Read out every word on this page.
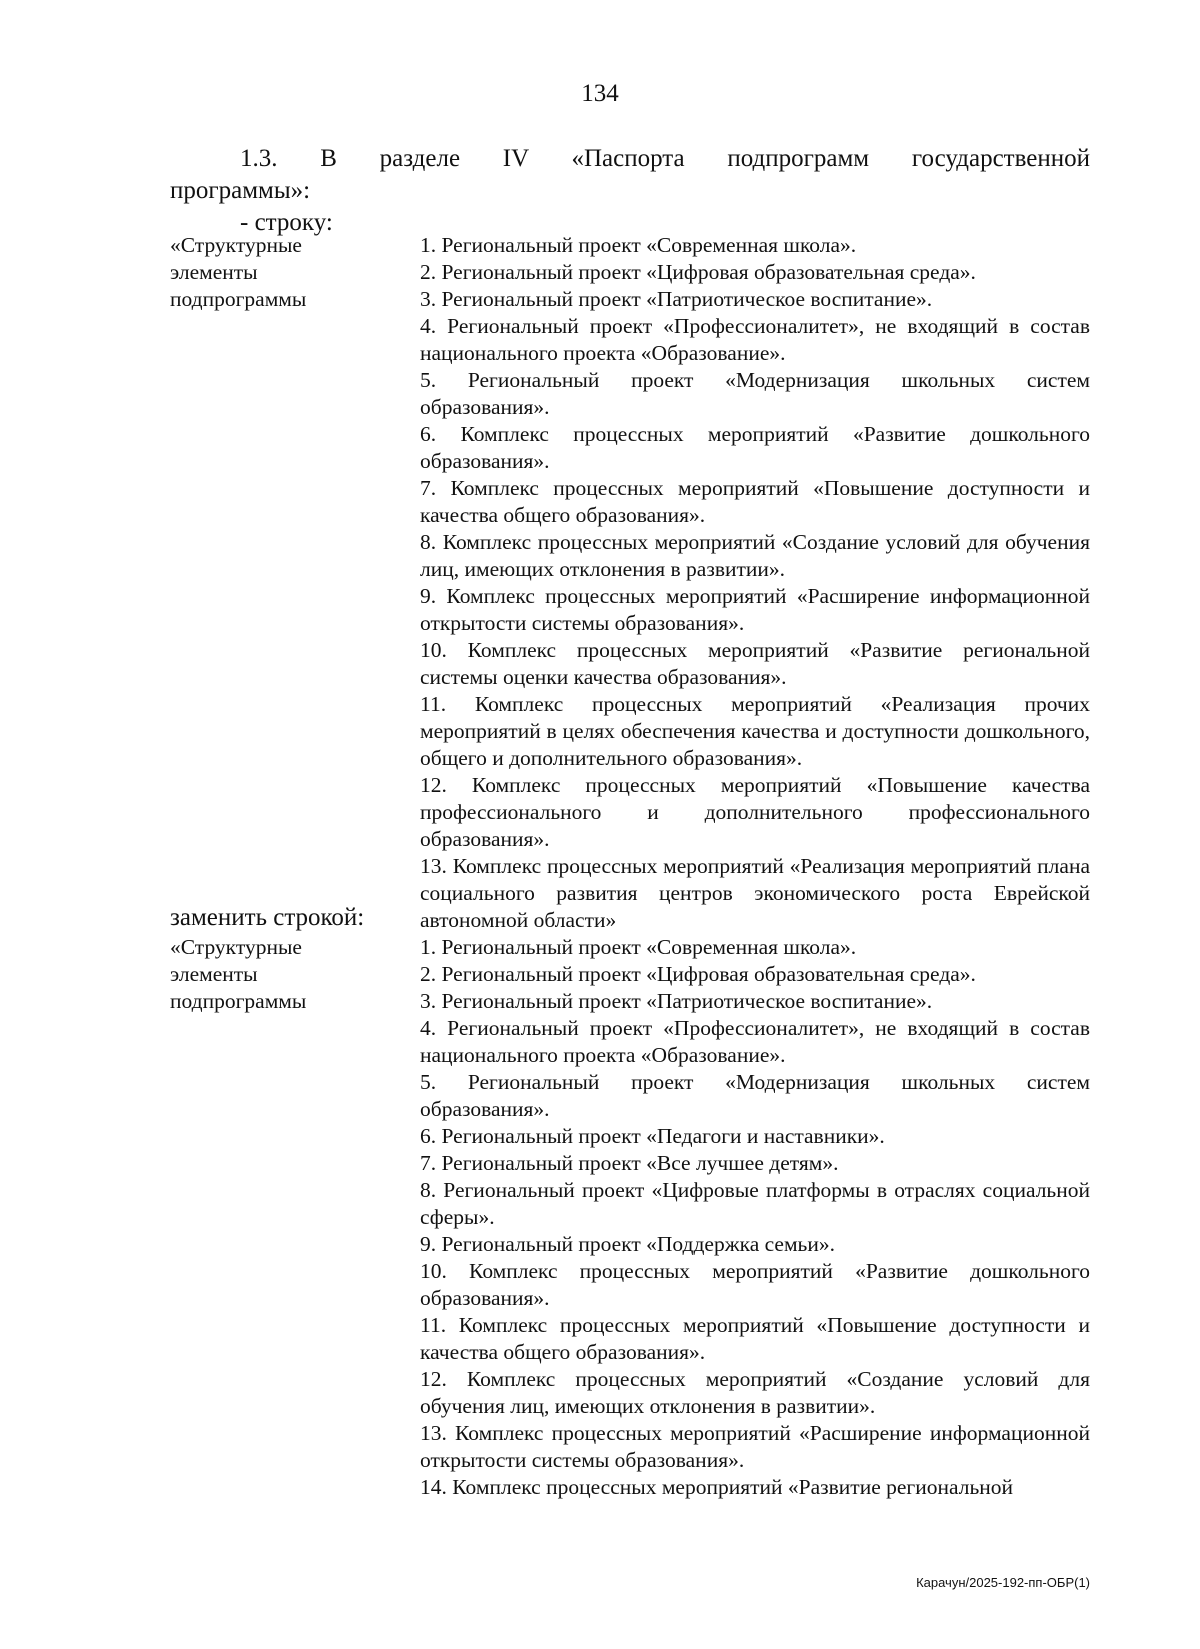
134
1.3. В разделе IV «Паспорта подпрограмм государственной
программы»:
- строку:
«Структурные
элементы
подпрограммы
1. Региональный проект «Современная школа».
2. Региональный проект «Цифровая образовательная среда».
3. Региональный проект «Патриотическое воспитание».
4. Региональный проект «Профессионалитет», не входящий в состав национального проекта «Образование».
5. Региональный проект «Модернизация школьных систем образования».
6. Комплекс процессных мероприятий «Развитие дошкольного образования».
7. Комплекс процессных мероприятий «Повышение доступности и качества общего образования».
8. Комплекс процессных мероприятий «Создание условий для обучения лиц, имеющих отклонения в развитии».
9. Комплекс процессных мероприятий «Расширение информационной открытости системы образования».
10. Комплекс процессных мероприятий «Развитие региональной системы оценки качества образования».
11. Комплекс процессных мероприятий «Реализация прочих мероприятий в целях обеспечения качества и доступности дошкольного, общего и дополнительного образования».
12. Комплекс процессных мероприятий «Повышение качества профессионального и дополнительного профессионального образования».
13. Комплекс процессных мероприятий «Реализация мероприятий плана социального развития центров экономического роста Еврейской автономной области»
заменить строкой:
«Структурные
элементы
подпрограммы
1. Региональный проект «Современная школа».
2. Региональный проект «Цифровая образовательная среда».
3. Региональный проект «Патриотическое воспитание».
4. Региональный проект «Профессионалитет», не входящий в состав национального проекта «Образование».
5. Региональный проект «Модернизация школьных систем образования».
6. Региональный проект «Педагоги и наставники».
7. Региональный проект «Все лучшее детям».
8. Региональный проект «Цифровые платформы в отраслях социальной сферы».
9. Региональный проект «Поддержка семьи».
10. Комплекс процессных мероприятий «Развитие дошкольного образования».
11. Комплекс процессных мероприятий «Повышение доступности и качества общего образования».
12. Комплекс процессных мероприятий «Создание условий для обучения лиц, имеющих отклонения в развитии».
13. Комплекс процессных мероприятий «Расширение информационной открытости системы образования».
14. Комплекс процессных мероприятий «Развитие региональной
Карачун/2025-192-пп-ОБР(1)
